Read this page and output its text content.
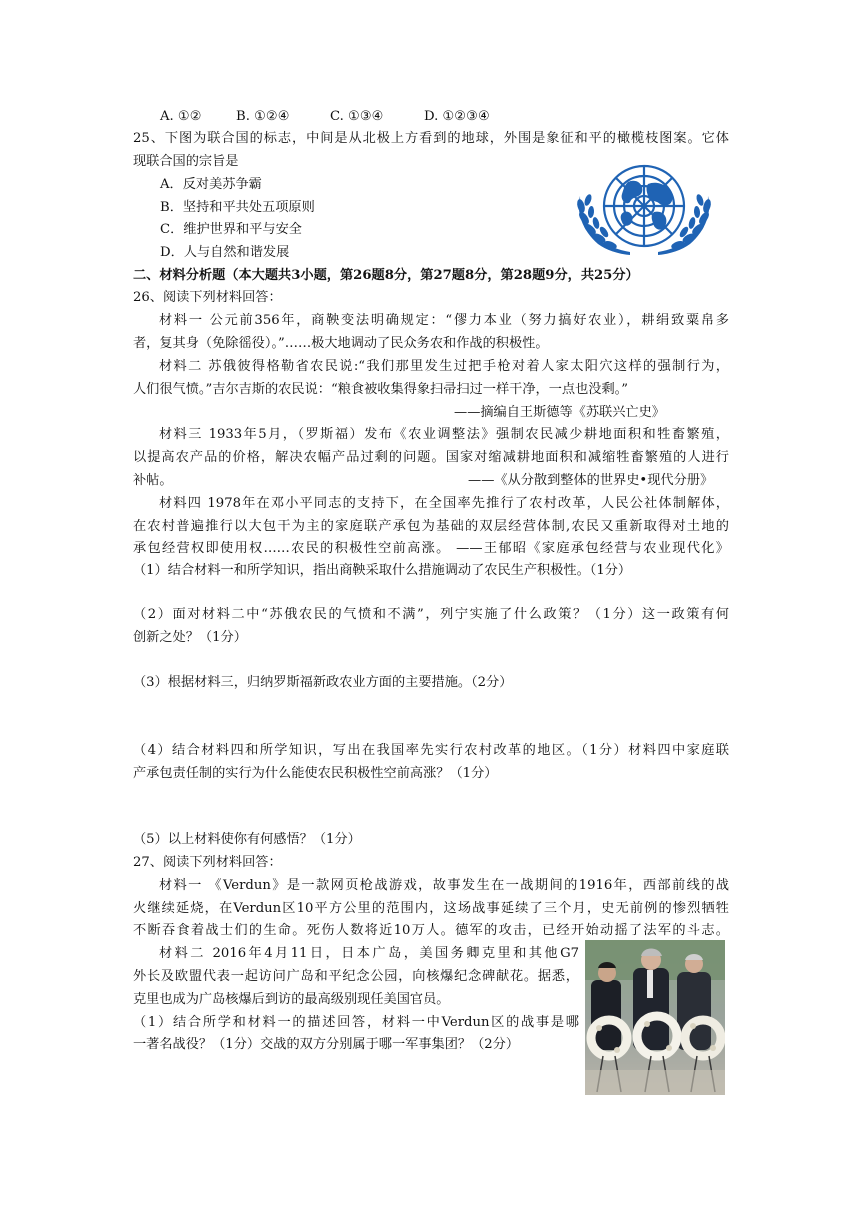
A. ①②	B. ①②④	C. ①③④	D. ①②③④
25、下图为联合国的标志，中间是从北极上方看到的地球，外围是象征和平的橄榄枝图案。它体
现联合国的宗旨是
A．反对美苏争霸
B．坚持和平共处五项原则
C．维护世界和平与安全
D．人与自然和谐发展
二、材料分析题（本大题共3小题，第26题8分，第27题8分，第28题9分，共25分）
26、阅读下列材料回答：
材料一 公元前356年，商鞅变法明确规定：“僇力本业（努力搞好农业），耕绢致粟帛多
者，复其身（免除徭役）。”……极大地调动了民众务农和作战的积极性。
材料二 苏俄彼得格勒省农民说:“我们那里发生过把手枪对着人家太阳穴这样的强制行为，
人们很气愤。”吉尔吉斯的农民说：“粮食被收集得象扫帚扫过一样干净，一点也没剩。”
——摘编自王斯德等《苏联兴亡史》
材料三 1933年5月，（罗斯福）发布《农业调整法》强制农民减少耕地面积和牲畜繁殖，
以提高农产品的价格，解决农幅产品过剩的问题。国家对缩减耕地面积和减缩牲畜繁殖的人进行
补帖。	——《从分散到整体的世界史•现代分册》
材料四 1978年在邓小平同志的支持下，在全国率先推行了农村改革，人民公社体制解体，
在农村普遍推行以大包干为主的家庭联产承包为基础的双层经营体制,农民又重新取得对土地的
承包经营权即使用权……农民的积极性空前高涨。 ——王郁昭《家庭承包经营与农业现代化》
（1）结合材料一和所学知识，指出商鞅采取什么措施调动了农民生产积极性。（1分）
（2）面对材料二中“苏俄农民的气愤和不满”，列宁实施了什么政策？（1分）这一政策有何
创新之处？（1分）
（3）根据材料三，归纳罗斯福新政农业方面的主要措施。（2分）
（4）结合材料四和所学知识，写出在我国率先实行农村改革的地区。（1分）材料四中家庭联
产承包责任制的实行为什么能使农民积极性空前高涨？（1分）
（5）以上材料使你有何感悟？（1分）
27、阅读下列材料回答：
材料一 《Verdun》是一款网页枪战游戏，故事发生在一战期间的1916年，西部前线的战
火继续延烧，在Verdun区10平方公里的范围内，这场战事延续了三个月，史无前例的惨烈牺牲
不断吞食着战士们的生命。死伤人数将近10万人。德军的攻击，已经开始动摇了法军的斗志。
材料二 2016年4月11日，日本广岛，美国务卿克里和其他G7
外长及欧盟代表一起访问广岛和平纪念公园，向核爆纪念碑献花。据悉，
克里也成为广岛核爆后到访的最高级别现任美国官员。
（1）结合所学和材料一的描述回答，材料一中Verdun区的战事是哪
一著名战役？（1分）交战的双方分别属于哪一军事集团？（2分）
